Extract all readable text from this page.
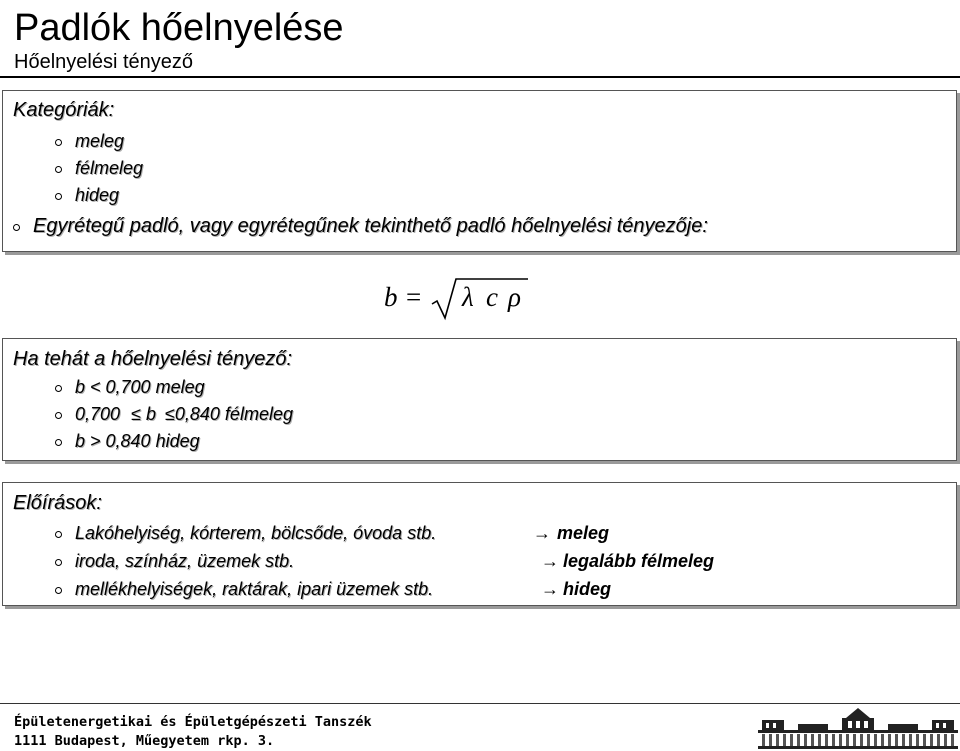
Padlók hőelnyelése
Hőelnyelési tényező
Kategóriák:
meleg
félmeleg
hideg
Egyrétegű padló, vagy egyrétegűnek tekinthető padló hőelnyelési tényezője:
b = λ c ρ
Ha tehát a hőelnyelési tényező:
b < 0,700 meleg
0,700 ≤ b ≤0,840 félmeleg
b > 0,840 hideg
Előírások:
Lakóhelyiség, kórterem, bölcsőde, óvoda stb.	→ meleg
iroda, színház, üzemek stb.	→ legalább félmeleg
mellékhelyiségek, raktárak, ipari üzemek stb.	→ hideg
Épületenergetikai és Épületgépészeti Tanszék
1111 Budapest, Műegyetem rkp. 3.
